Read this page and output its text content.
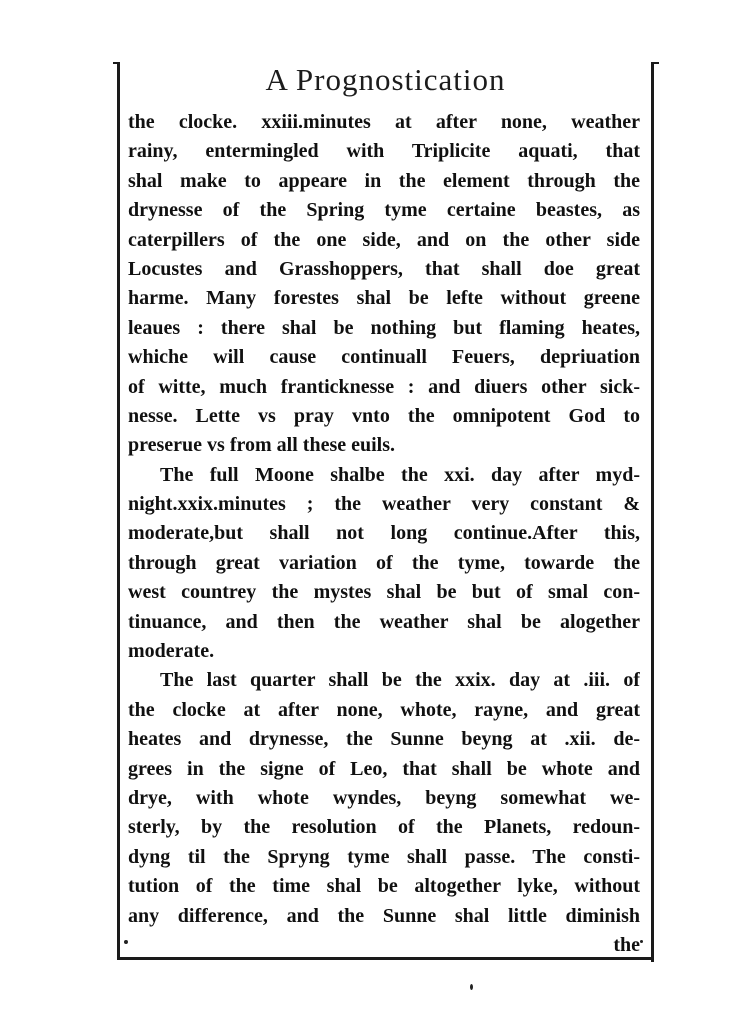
A Prognostication
the clocke. xxiii.minutes at after none, weather
rainy, entermingled with Triplicite aquati, that
shal make to appeare in the element through the
drynesse of the Spring tyme certaine beastes, as
caterpillers of the one side, and on the other side
Locustes and Grasshoppers, that shall doe great
harme. Many forestes shal be lefte without greene
leaues : there shal be nothing but flaming heates,
whiche will cause continuall Feuers, depriuation
of witte, much franticknesse : and diuers other sick-
nesse. Lette vs pray vnto the omnipotent God to
preserue vs from all these euils.
The full Moone shalbe the xxi. day after myd-
night.xxix.minutes ; the weather very constant &
moderate,but shall not long continue.After this,
through great variation of the tyme, towarde the
west countrey the mystes shal be but of smal con-
tinuance, and then the weather shal be alogether
moderate.
The last quarter shall be the xxix. day at .iii. of
the clocke at after none, whote, rayne, and great
heates and drynesse, the Sunne beyng at .xii. de-
grees in the signe of Leo, that shall be whote and
drye, with whote wyndes, beyng somewhat we-
sterly, by the resolution of the Planets, redoun-
dyng til the Spryng tyme shall passe. The consti-
tution of the time shal be altogether lyke, without
any difference, and the Sunne shal little diminish
the
